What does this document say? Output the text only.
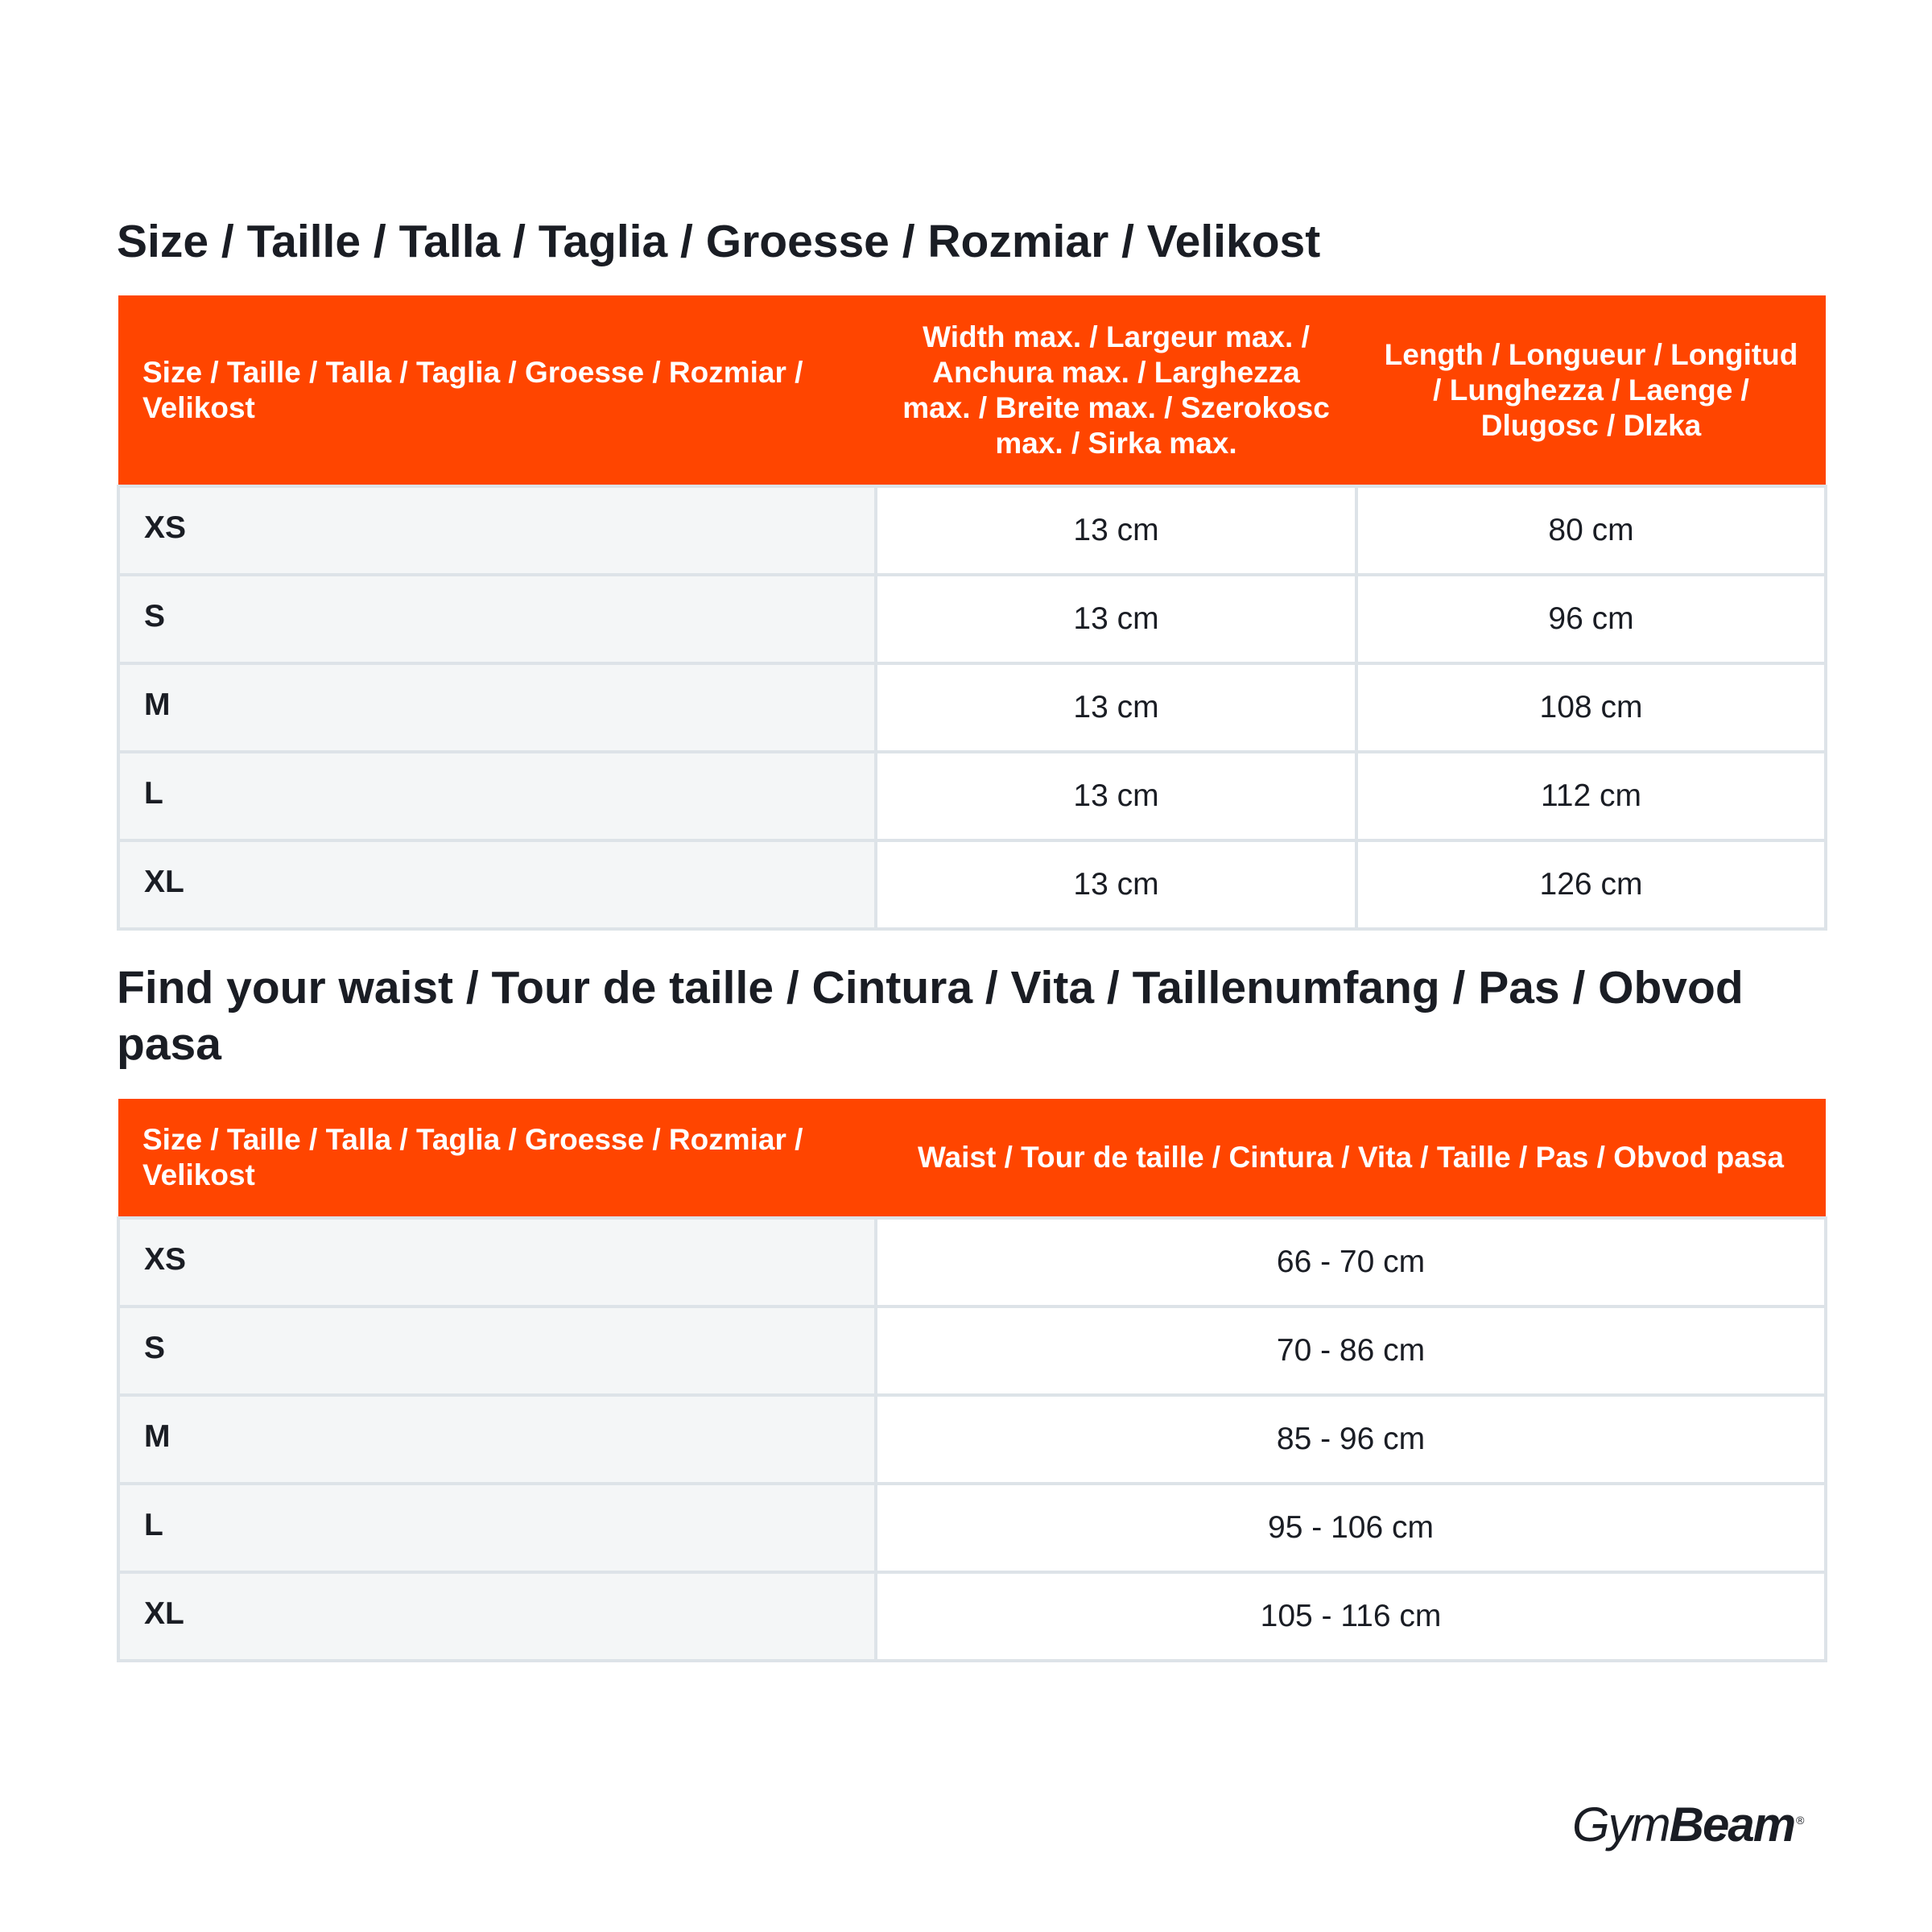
Size / Taille / Talla / Taglia / Groesse / Rozmiar / Velikost
Size / Taille / Talla / Taglia / Groesse / Rozmiar / Velikost	Width max. / Largeur max. / Anchura max. / Larghezza max. / Breite max. / Szerokosc max. / Sirka max.	Length / Longueur / Longitud / Lunghezza / Laenge / Dlugosc / Dlzka
XS	13 cm	80 cm
S	13 cm	96 cm
M	13 cm	108 cm
L	13 cm	112 cm
XL	13 cm	126 cm
Find your waist / Tour de taille / Cintura / Vita / Taillenumfang / Pas / Obvod pasa
Size / Taille / Talla / Taglia / Groesse / Rozmiar / Velikost	Waist / Tour de taille / Cintura / Vita / Taille / Pas / Obvod pasa
XS	66 - 70 cm
S	70 - 86 cm
M	85 - 96 cm
L	95 - 106 cm
XL	105 - 116 cm
GymBeam ®
